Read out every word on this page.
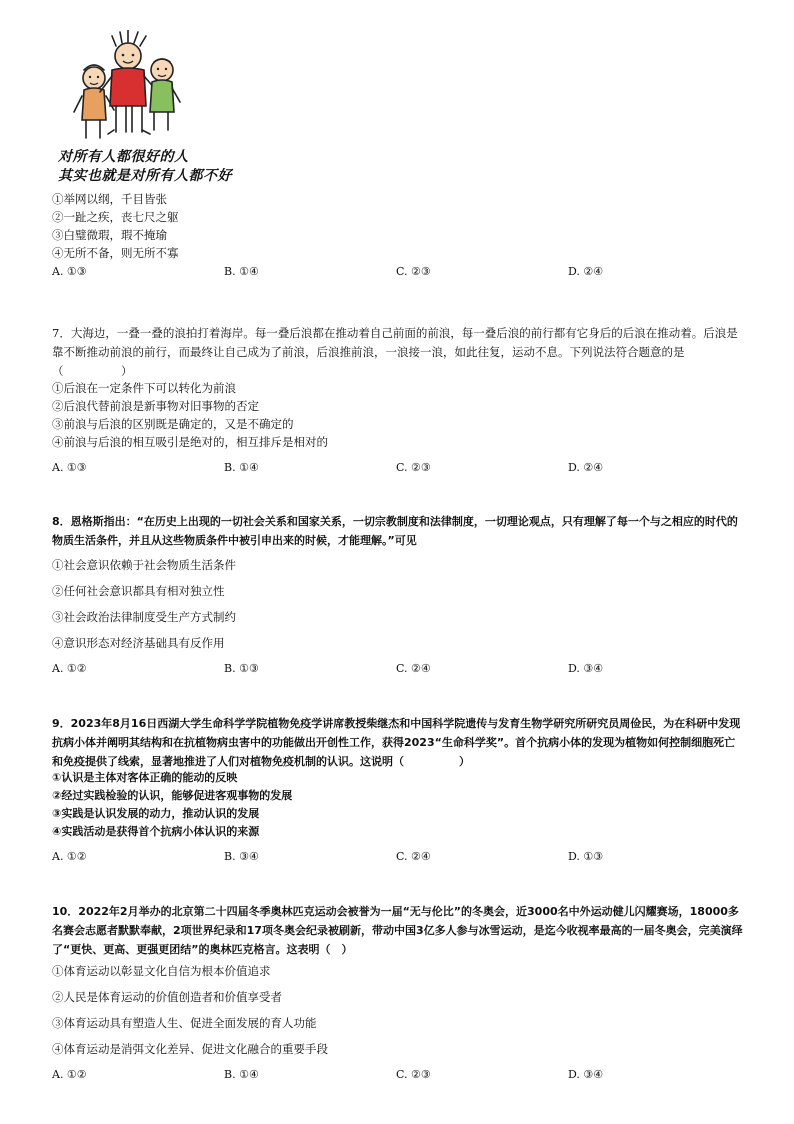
对所有人都很好的人
其实也就是对所有人都不好
①举网以纲，千目皆张
②一趾之疾，丧七尺之躯
③白璧微瑕，瑕不掩瑜
④无所不备，则无所不寡
A. ①③	B. ①④	C. ②③	D. ②④
7．大海边，一叠一叠的浪拍打着海岸。每一叠后浪都在推动着自己前面的前浪，每一叠后浪的前行都有它身后的后浪在推动着。后浪是靠不断推动前浪的前行，而最终让自己成为了前浪，后浪推前浪，一浪接一浪，如此往复，运动不息。下列说法符合题意的是（　　　　　）
①后浪在一定条件下可以转化为前浪
②后浪代替前浪是新事物对旧事物的否定
③前浪与后浪的区别既是确定的，又是不确定的
④前浪与后浪的相互吸引是绝对的，相互排斥是相对的
A. ①③	B. ①④	C. ②③	D. ②④
8．恩格斯指出：“在历史上出现的一切社会关系和国家关系，一切宗教制度和法律制度，一切理论观点，只有理解了每一个与之相应的时代的物质生活条件，并且从这些物质条件中被引申出来的时候，才能理解。”可见
①社会意识依赖于社会物质生活条件
②任何社会意识都具有相对独立性
③社会政治法律制度受生产方式制约
④意识形态对经济基础具有反作用
A. ①②	B. ①③	C. ②④	D. ③④
9．2023年8月16日西湖大学生命科学学院植物免疫学讲席教授柴继杰和中国科学院遗传与发育生物学研究所研究员周俭民，为在科研中发现抗病小体并阐明其结构和在抗植物病虫害中的功能做出开创性工作，获得2023“生命科学奖”。首个抗病小体的发现为植物如何控制细胞死亡和免疫提供了线索，显著地推进了人们对植物免疫机制的认识。这说明（　　　　　）
①认识是主体对客体正确的能动的反映
②经过实践检验的认识，能够促进客观事物的发展
③实践是认识发展的动力，推动认识的发展
④实践活动是获得首个抗病小体认识的来源
A. ①②	B. ③④	C. ②④	D. ①③
10．2022年2月举办的北京第二十四届冬季奥林匹克运动会被誉为一届“无与伦比”的冬奥会，近3000名中外运动健儿闪耀赛场，18000多名赛会志愿者默默奉献，2项世界纪录和17项冬奥会纪录被刷新，带动中国3亿多人参与冰雪运动，是迄今收视率最高的一届冬奥会，完美演绎了“更快、更高、更强更团结”的奥林匹克格言。这表明（　）
①体育运动以彰显文化自信为根本价值追求
②人民是体育运动的价值创造者和价值享受者
③体育运动具有塑造人生、促进全面发展的育人功能
④体育运动是消弭文化差异、促进文化融合的重要手段
A. ①②	B. ①④	C. ②③	D. ③④
